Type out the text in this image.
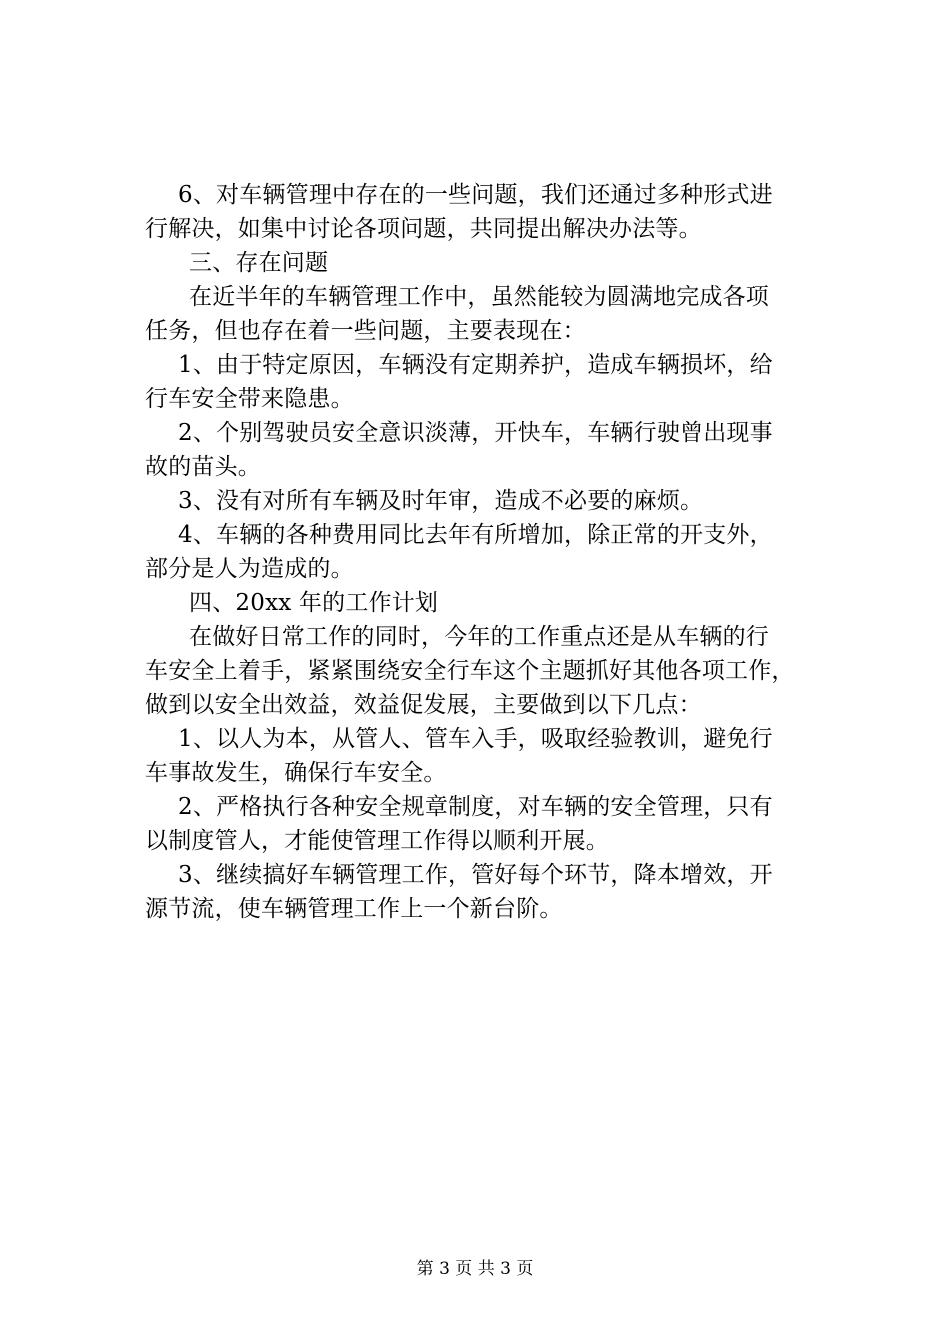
6、对车辆管理中存在的一些问题，我们还通过多种形式进
行解决，如集中讨论各项问题，共同提出解决办法等。
三、存在问题
在近半年的车辆管理工作中，虽然能较为圆满地完成各项
任务，但也存在着一些问题，主要表现在：
1、由于特定原因，车辆没有定期养护，造成车辆损坏，给
行车安全带来隐患。
2、个别驾驶员安全意识淡薄，开快车，车辆行驶曾出现事
故的苗头。
3、没有对所有车辆及时年审，造成不必要的麻烦。
4、车辆的各种费用同比去年有所增加，除正常的开支外，
部分是人为造成的。
四、20xx 年的工作计划
在做好日常工作的同时，今年的工作重点还是从车辆的行
车安全上着手，紧紧围绕安全行车这个主题抓好其他各项工作，
做到以安全出效益，效益促发展，主要做到以下几点：
1、以人为本，从管人、管车入手，吸取经验教训，避免行
车事故发生，确保行车安全。
2、严格执行各种安全规章制度，对车辆的安全管理，只有
以制度管人，才能使管理工作得以顺利开展。
3、继续搞好车辆管理工作，管好每个环节，降本增效，开
源节流，使车辆管理工作上一个新台阶。
第 3 页 共 3 页
